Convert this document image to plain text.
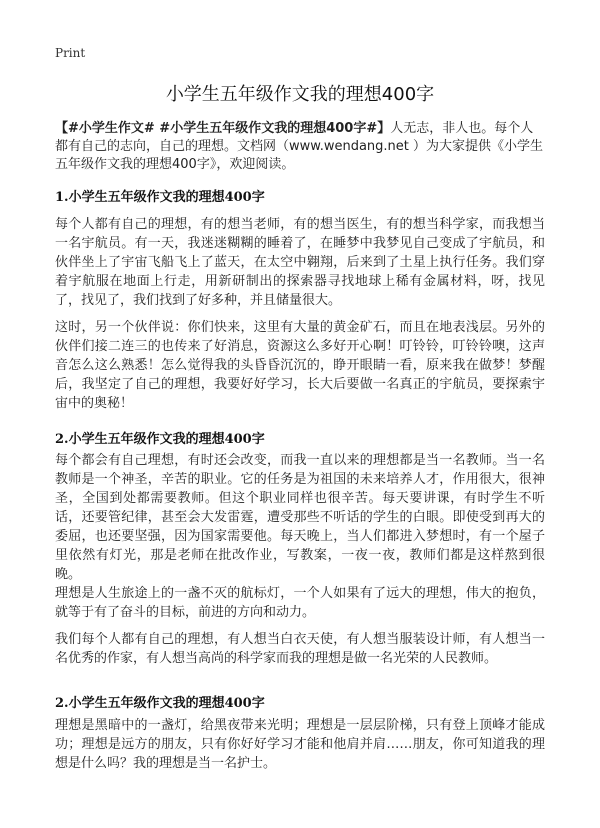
Print
小学生五年级作文我的理想400字
【#小学生作文# #小学生五年级作文我的理想400字#】人无志，非人也。每个人都有自己的志向，自己的理想。文档网（www.wendang.net ）为大家提供《小学生五年级作文我的理想400字》，欢迎阅读。
1.小学生五年级作文我的理想400字
每个人都有自己的理想，有的想当老师，有的想当医生，有的想当科学家，而我想当一名宇航员。有一天，我迷迷糊糊的睡着了，在睡梦中我梦见自己变成了宇航员，和伙伴坐上了宇宙飞船飞上了蓝天，在太空中翱翔，后来到了土星上执行任务。我们穿着宇航服在地面上行走，用新研制出的探索器寻找地球上稀有金属材料，呀，找见了，找见了，我们找到了好多种，并且储量很大。
这时，另一个伙伴说：你们快来，这里有大量的黄金矿石，而且在地表浅层。另外的伙伴们接二连三的也传来了好消息，资源这么多好开心啊！叮铃铃，叮铃铃噢，这声音怎么这么熟悉！怎么觉得我的头昏昏沉沉的，睁开眼睛一看，原来我在做梦！梦醒后，我坚定了自己的理想，我要好好学习，长大后要做一名真正的宇航员，要探索宇宙中的奥秘！
2.小学生五年级作文我的理想400字
每个都会有自己理想，有时还会改变，而我一直以来的理想都是当一名教师。当一名教师是一个神圣，辛苦的职业。它的任务是为祖国的未来培养人才，作用很大，很神圣，全国到处都需要教师。但这个职业同样也很辛苦。每天要讲课，有时学生不听话，还要管纪律，甚至会大发雷霆，遭受那些不听话的学生的白眼。即使受到再大的委屈，也还要坚强，因为国家需要他。每天晚上，当人们都进入梦想时，有一个屋子里依然有灯光，那是老师在批改作业，写教案，一夜一夜，教师们都是这样熬到很晚。
理想是人生旅途上的一盏不灭的航标灯，一个人如果有了远大的理想，伟大的抱负，就等于有了奋斗的目标，前进的方向和动力。
我们每个人都有自己的理想，有人想当白衣天使，有人想当服装设计师，有人想当一名优秀的作家，有人想当高尚的科学家而我的理想是做一名光荣的人民教师。
2.小学生五年级作文我的理想400字
理想是黑暗中的一盏灯，给黑夜带来光明；理想是一层层阶梯，只有登上顶峰才能成功；理想是远方的朋友，只有你好好学习才能和他肩并肩……朋友，你可知道我的理想是什么吗？我的理想是当一名护士。
